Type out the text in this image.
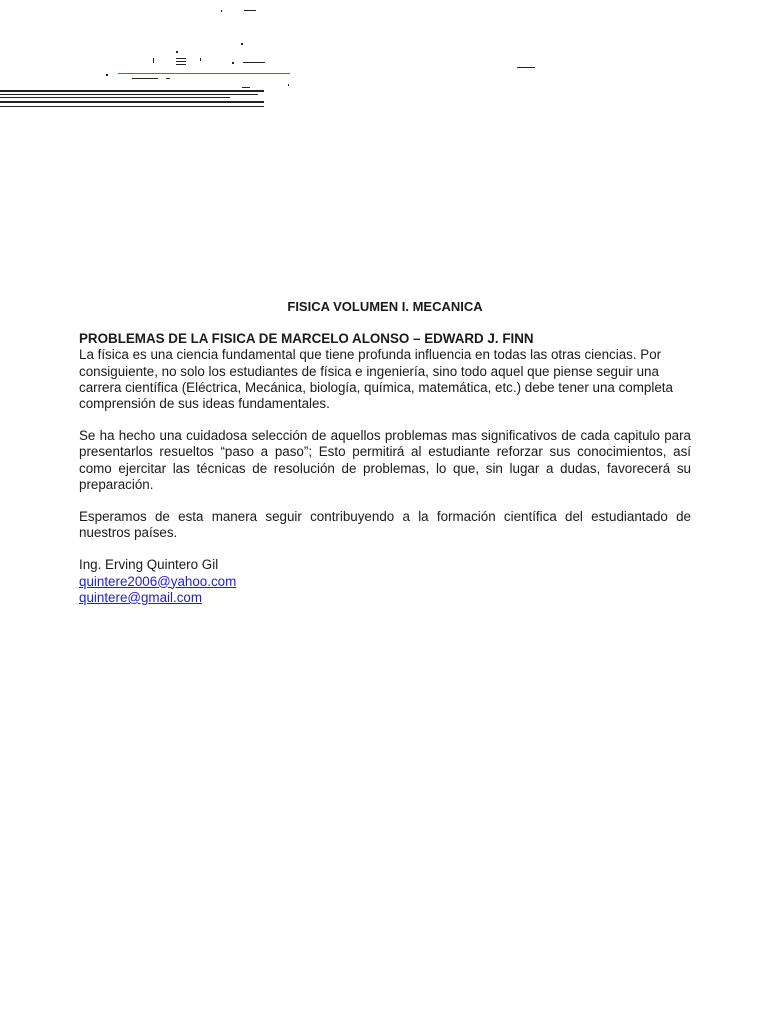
FISICA VOLUMEN I. MECANICA
PROBLEMAS DE LA FISICA DE MARCELO ALONSO – EDWARD J. FINN

La física es una ciencia fundamental que tiene profunda influencia en todas las otras ciencias. Por consiguiente, no solo los estudiantes de física e ingeniería, sino todo aquel que piense seguir una carrera científica (Eléctrica, Mecánica, biología, química, matemática, etc.) debe tener una completa comprensión de sus ideas fundamentales.

Se ha hecho una cuidadosa selección de aquellos problemas mas significativos de cada capitulo para presentarlos resueltos “paso a paso”; Esto permitirá al estudiante reforzar sus conocimientos, así como ejercitar las técnicas de resolución de problemas, lo que, sin lugar a dudas, favorecerá su preparación.

Esperamos de esta manera seguir contribuyendo a la formación científica del estudiantado de nuestros países.

Ing. Erving Quintero Gil
quintere2006@yahoo.com
quintere@gmail.com
